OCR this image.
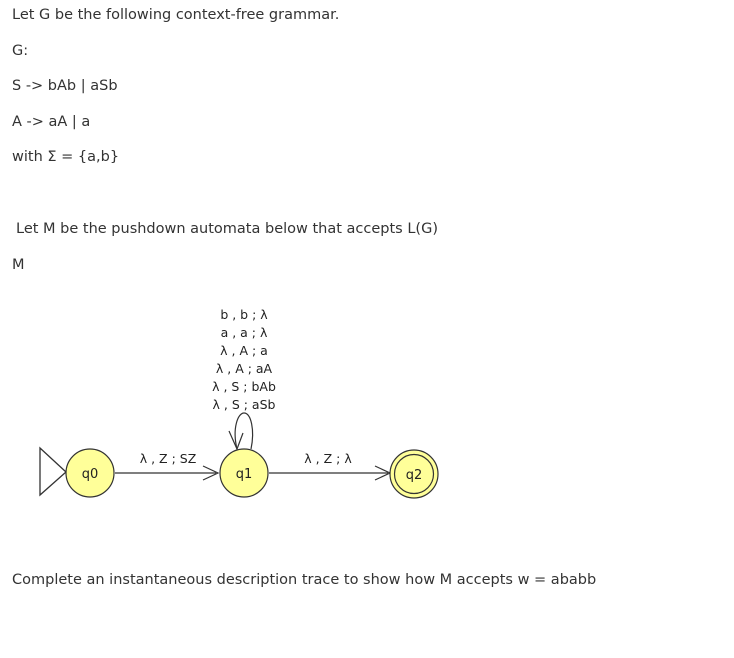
Let G be the following context-free grammar.

G:

S -> bAb | aSb

A -> aA | a

with Σ = {a,b}

Let M be the pushdown automata below that accepts L(G)

M

q0	q1	q2
λ , Z ; SZ	λ , Z ; λ
b , b ; λ
a , a ; λ
λ , A ; a
λ , A ; aA
λ , S ; bAb
λ , S ; aSb

Complete an instantaneous description trace to show how M accepts w = ababb
